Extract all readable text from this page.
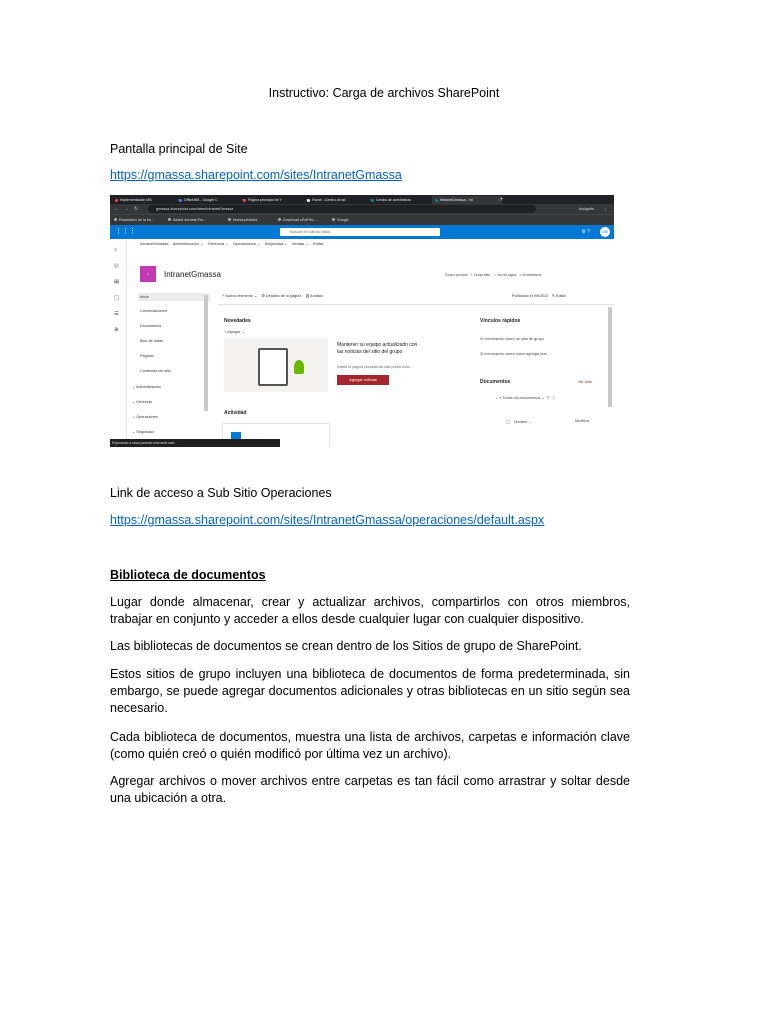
Instructivo: Carga de archivos SharePoint
Pantalla principal de Site
https://gmassa.sharepoint.com/sites/IntranetGmassa
Implementación MS	Office365 - Google C	Página principal de Y	Home - Centro de ad	Centro de administrac	IntranetGmassa - Ini	× +
← → ↻	gmassa.sharepoint.com/sites/IntranetGmassa	Incógnito ⋮
Resultados de la bú...	Adobe Acrobat Pro...	Nueva pestaña	Download uSoftTec...	Google
⋮⋮⋮	Buscar en varios sitios	⚙ ?	GM
⌂
◎
▤
▢
☰
⊕
IntranetGmassa Administración ⌄    Gerencia ⌄    Operaciones ⌄    Seguridad ⌄    Ventas ⌄    Editar
I	IntranetGmassa	Grupo privado + Crear sitio ☆ No se sigue ᴑ 8 miembros
Inicio
Conversaciones
Documentos
Bloc de notas
Páginas
Contenido del sitio
⌄ Administración
⌄ Gerencia
⌄ Operaciones
⌄ Seguridad
+ Nuevo elemento ⌄ ⚙ Detalles de la página ▥ Análisis	Publicado el 9/6/2022 ✎ Editar
Novedades
+ Agregar ⌄
Mantener su equipo actualizado con
las noticias del sitio del grupo
Desde la página principal del sitio podrá crear...
Agregar noticias
Actividad
Vínculos rápidos
◎ Información sobre un sitio de grupo
◎ Información sobre cómo agregar una...
Documentos	Ver todo
⌄ ≡ Todos los documentos ⌄  ▽  ⓘ
▢    Nombre ⌄	Modifica
Esperando a www.yammer.microsoft.com...
Link de acceso a Sub Sitio Operaciones
https://gmassa.sharepoint.com/sites/IntranetGmassa/operaciones/default.aspx
Biblioteca de documentos
Lugar donde almacenar, crear y actualizar archivos, compartirlos con otros miembros, trabajar en conjunto y acceder a ellos desde cualquier lugar con cualquier dispositivo.
Las bibliotecas de documentos se crean dentro de los Sitios de grupo de SharePoint.
Estos sitios de grupo incluyen una biblioteca de documentos de forma predeterminada, sin embargo, se puede agregar documentos adicionales y otras bibliotecas en un sitio según sea necesario.
Cada biblioteca de documentos, muestra una lista de archivos, carpetas e información clave (como quién creó o quién modificó por última vez un archivo).
Agregar archivos o mover archivos entre carpetas es tan fácil como arrastrar y soltar desde una ubicación a otra.
